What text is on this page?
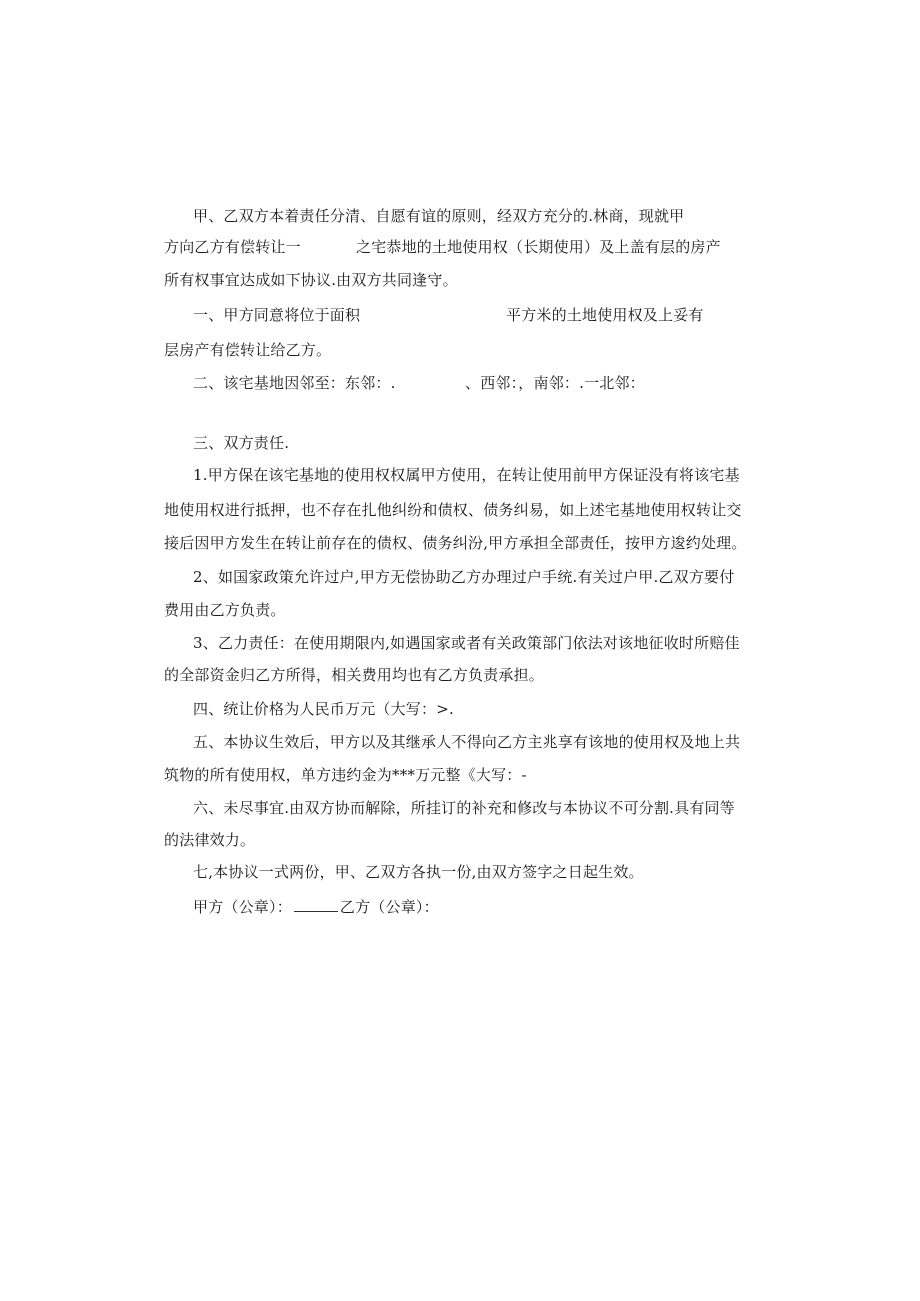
甲、乙双方本着责任分清、自愿有谊的原则，经双方充分的.林商，现就甲
方向乙方有偿转让一	之宅恭地的土地使用权（长期使用）及上盖有层的房产
所有权事宜达成如下协议.由双方共同逢守。
一、甲方同意将位于面积	平方米的土地使用权及上妥有
层房产有偿转让给乙方。
二、该宅基地因邻至：东邻：.	、西邻：，南邻：.一北邻：
三、双方责任.
1.甲方保在该宅基地的使用权权属甲方使用，在转让使用前甲方保证没有将该宅基
地使用权进行抵押，也不存在扎他纠纷和债权、债务纠易，如上述宅基地使用权转让交
接后因甲方发生在转让前存在的债权、债务纠汾,甲方承担全部责任，按甲方逡约处理。
2、如国家政策允许过户,甲方无偿协助乙方办理过户手统.有关过户甲.乙双方要付
费用由乙方负责。
3、乙力责任：在使用期限内,如遇国家或者有关政策部门依法对该地征收时所赔佳
的全部资金归乙方所得，相关费用均也有乙方负责承担。
四、统让价格为人民币万元（大写：>.
五、本协议生效后，甲方以及其继承人不得向乙方主兆享有该地的使用权及地上共
筑物的所有使用权，单方违约金为***万元整《大写：-
六、未尽事宜.由双方协而解除，所挂订的补充和修改与本协议不可分割.具有同等
的法律效力。
七,本协议一式两份，甲、乙双方各执一份,由双方签字之日起生效。
甲方（公章）：	乙方（公章）：
